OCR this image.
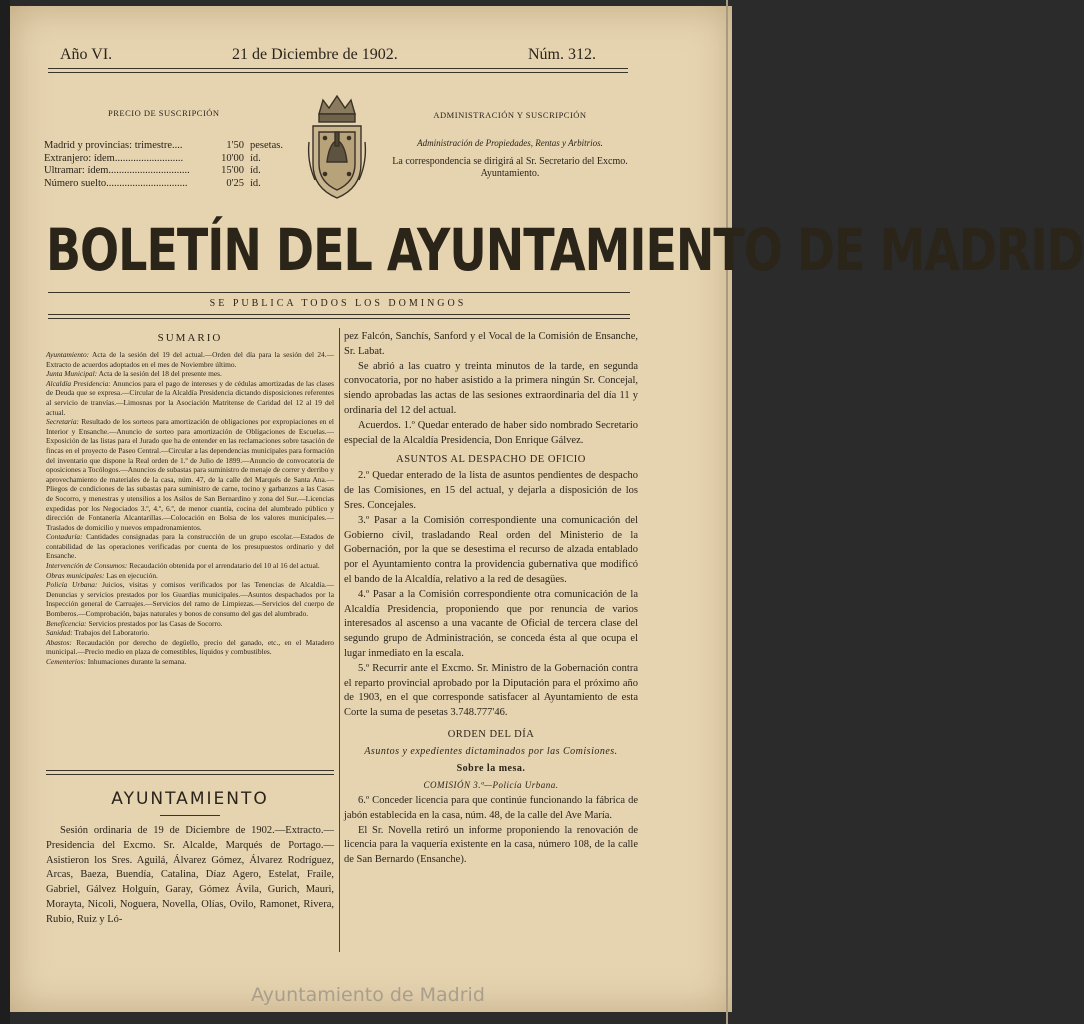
Año VI.	21 de Diciembre de 1902.	Núm. 312.
PRECIO DE SUSCRIPCIÓN
Madrid y provincias: trimestre....	1'50 pesetas.
Extranjero: ídem..........................	10'00 íd.
Ultramar: ídem...............................	15'00 íd.
Número suelto...............................	0'25 íd.
ADMINISTRACIÓN Y SUSCRIPCIÓN
Administración de Propiedades, Rentas y Arbitrios.
La correspondencia se dirigirá al Sr. Secretario del Excmo. Ayuntamiento.
BOLETÍN DEL AYUNTAMIENTO DE MADRID
SE PUBLICA TODOS LOS DOMINGOS
SUMARIO
Ayuntamiento: Acta de la sesión del 19 del actual.—Orden del día para la sesión del 24.—Extracto de acuerdos adoptados en el mes de Noviembre último.
Junta Municipal: Acta de la sesión del 18 del presente mes.
Alcaldía Presidencia: Anuncios para el pago de intereses y de cédulas amortizadas de las clases de Deuda que se expresa.—Circular de la Alcaldía Presidencia dictando disposiciones referentes al servicio de tranvías.—Limosnas por la Asociación Matritense de Caridad del 12 al 19 del actual.
Secretaría: Resultado de los sorteos para amortización de obligaciones por expropiaciones en el Interior y Ensanche.—Anuncio de sorteo para amortización de Obligaciones de Escuelas.—Exposición de las listas para el Jurado que ha de entender en las reclamaciones sobre tasación de fincas en el proyecto de Paseo Central.—Circular a las dependencias municipales para formación del inventario que dispone la Real orden de 1.º de Julio de 1899.—Anuncio de convocatoria de oposiciones a Tocólogos.—Anuncios de subastas para suministro de menaje de correr y derribo y aprovechamiento de materiales de la casa, núm. 47, de la calle del Marqués de Santa Ana.—Pliegos de condiciones de las subastas para suministro de carne, tocino y garbanzos a las Casas de Socorro, y menestras y utensilios a los Asilos de San Bernardino y zona del Sur.—Licencias expedidas por los Negociados 3.º, 4.º, 6.º, de menor cuantía, cocina del alumbrado público y dirección de Fontanería Alcantarillas.—Colocación en Bolsa de los valores municipales.—Traslados de domicilio y nuevos empadronamientos.
Contaduría: Cantidades consignadas para la construcción de un grupo escolar.—Estados de contabilidad de las operaciones verificadas por cuenta de los presupuestos ordinario y del Ensanche.
Intervención de Consumos: Recaudación obtenida por el arrendatario del 10 al 16 del actual.
Obras municipales: Las en ejecución.
Policía Urbana: Juicios, visitas y comisos verificados por las Tenencias de Alcaldía.—Denuncias y servicios prestados por los Guardias municipales.—Asuntos despachados por la Inspección general de Carruajes.—Servicios del ramo de Limpiezas.—Servicios del cuerpo de Bomberos.—Comprobación, bajas naturales y bonos de consumo del gas del alumbrado.
Beneficencia: Servicios prestados por las Casas de Socorro.
Sanidad: Trabajos del Laboratorio.
Abastos: Recaudación por derecho de degüello, precio del ganado, etc., en el Matadero municipal.—Precio medio en plaza de comestibles, líquidos y combustibles.
Cementerios: Inhumaciones durante la semana.
AYUNTAMIENTO

Sesión ordinaria de 19 de Diciembre de 1902.—Extracto.—Presidencia del Excmo. Sr. Alcalde, Marqués de Portago.—Asistieron los Sres. Aguilá, Álvarez Gómez, Álvarez Rodríguez, Arcas, Baeza, Buendía, Catalina, Díaz Agero, Estelat, Fraile, Gabriel, Gálvez Holguín, Garay, Gómez Ávila, Gurich, Mauri, Morayta, Nicoli, Noguera, Novella, Olías, Ovilo, Ramonet, Rivera, Rubio, Ruiz y Ló-

pez Falcón, Sanchís, Sanford y el Vocal de la Comisión de Ensanche, Sr. Labat.

Se abrió a las cuatro y treinta minutos de la tarde, en segunda convocatoria, por no haber asistido a la primera ningún Sr. Concejal, siendo aprobadas las actas de las sesiones extraordinaria del día 11 y ordinaria del 12 del actual.

Acuerdos. 1.º Quedar enterado de haber sido nombrado Secretario especial de la Alcaldía Presidencia, Don Enrique Gálvez.

ASUNTOS AL DESPACHO DE OFICIO

2.º Quedar enterado de la lista de asuntos pendientes de despacho de las Comisiones, en 15 del actual, y dejarla a disposición de los Sres. Concejales.

3.º Pasar a la Comisión correspondiente una comunicación del Gobierno civil, trasladando Real orden del Ministerio de la Gobernación, por la que se desestima el recurso de alzada entablado por el Ayuntamiento contra la providencia gubernativa que modificó el bando de la Alcaldía, relativo a la red de desagües.

4.º Pasar a la Comisión correspondiente otra comunicación de la Alcaldía Presidencia, proponiendo que por renuncia de varios interesados al ascenso a una vacante de Oficial de tercera clase del segundo grupo de Administración, se conceda ésta al que ocupa el lugar inmediato en la escala.

5.º Recurrir ante el Excmo. Sr. Ministro de la Gobernación contra el reparto provincial aprobado por la Diputación para el próximo año de 1903, en el que corresponde satisfacer al Ayuntamiento de esta Corte la suma de pesetas 3.748.777'46.

ORDEN DEL DÍA
Asuntos y expedientes dictaminados por las Comisiones.
Sobre la mesa.
COMISIÓN 3.ª—Policía Urbana.

6.º Conceder licencia para que continúe funcionando la fábrica de jabón establecida en la casa, núm. 48, de la calle del Ave María.

El Sr. Novella retiró un informe proponiendo la renovación de licencia para la vaquería existente en la casa, número 108, de la calle de San Bernardo (Ensanche).

Ayuntamiento de Madrid
